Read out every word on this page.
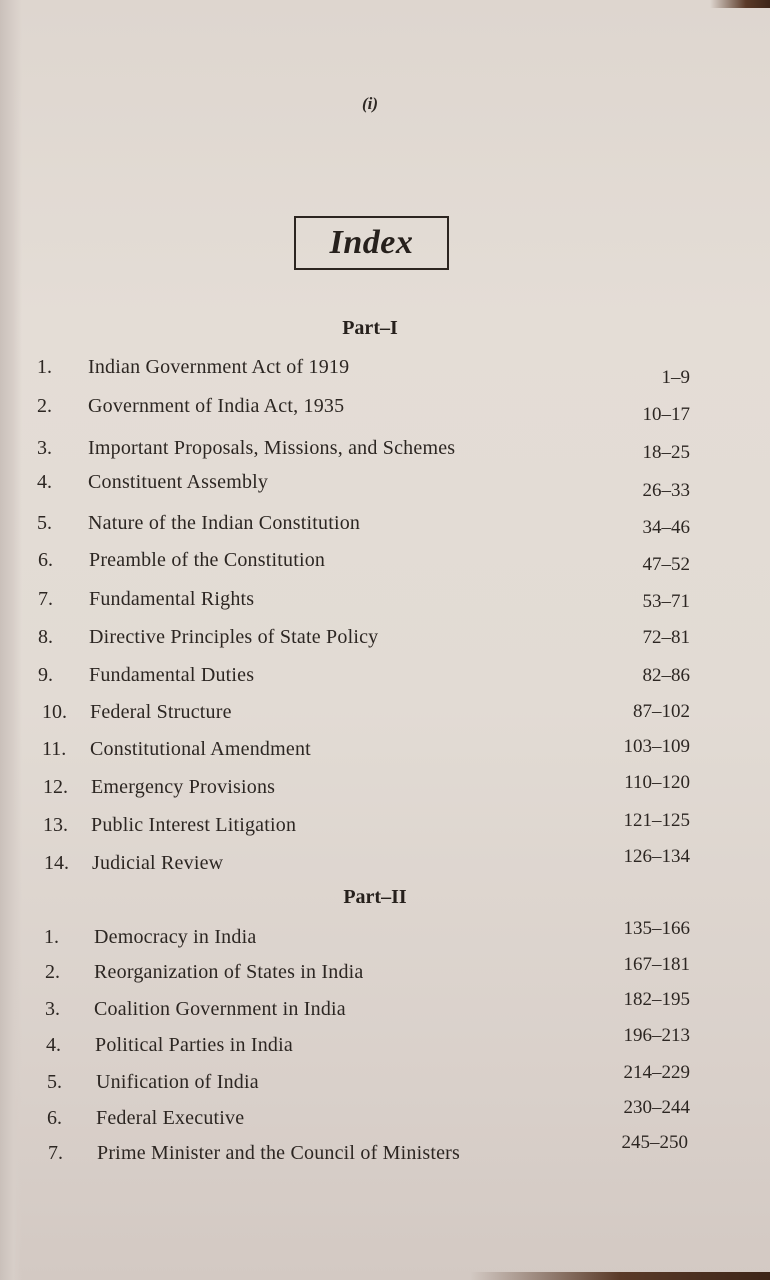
(i)
Index
Part–I
1. Indian Government Act of 1919	1–9
2. Government of India Act, 1935	10–17
3. Important Proposals, Missions, and Schemes	18–25
4. Constituent Assembly	26–33
5. Nature of the Indian Constitution	34–46
6. Preamble of the Constitution	47–52
7. Fundamental Rights	53–71
8. Directive Principles of State Policy	72–81
9. Fundamental Duties	82–86
10. Federal Structure	87–102
11. Constitutional Amendment	103–109
12. Emergency Provisions	110–120
13. Public Interest Litigation	121–125
14. Judicial Review	126–134
Part–II
1. Democracy in India	135–166
2. Reorganization of States in India	167–181
3. Coalition Government in India	182–195
4. Political Parties in India	196–213
5. Unification of India	214–229
6. Federal Executive	230–244
7. Prime Minister and the Council of Ministers	245–250
